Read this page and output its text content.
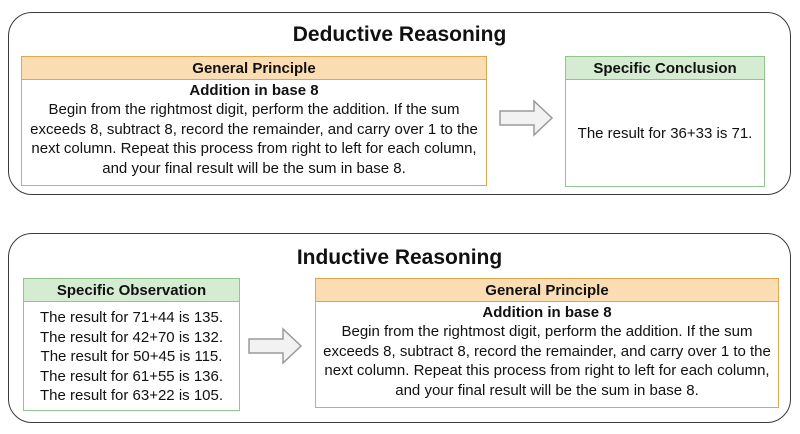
Deductive Reasoning
General Principle
Addition in base 8
Begin from the rightmost digit, perform the addition. If the sum exceeds 8, subtract 8, record the remainder, and carry over 1 to the next column. Repeat this process from right to left for each column, and your final result will be the sum in base 8.
Specific Conclusion
The result for 36+33 is 71.
Inductive Reasoning
Specific Observation
The result for 71+44 is 135.
The result for 42+70 is 132.
The result for 50+45 is 115.
The result for 61+55 is 136.
The result for 63+22 is 105.
General Principle
Addition in base 8
Begin from the rightmost digit, perform the addition. If the sum exceeds 8, subtract 8, record the remainder, and carry over 1 to the next column. Repeat this process from right to left for each column, and your final result will be the sum in base 8.
